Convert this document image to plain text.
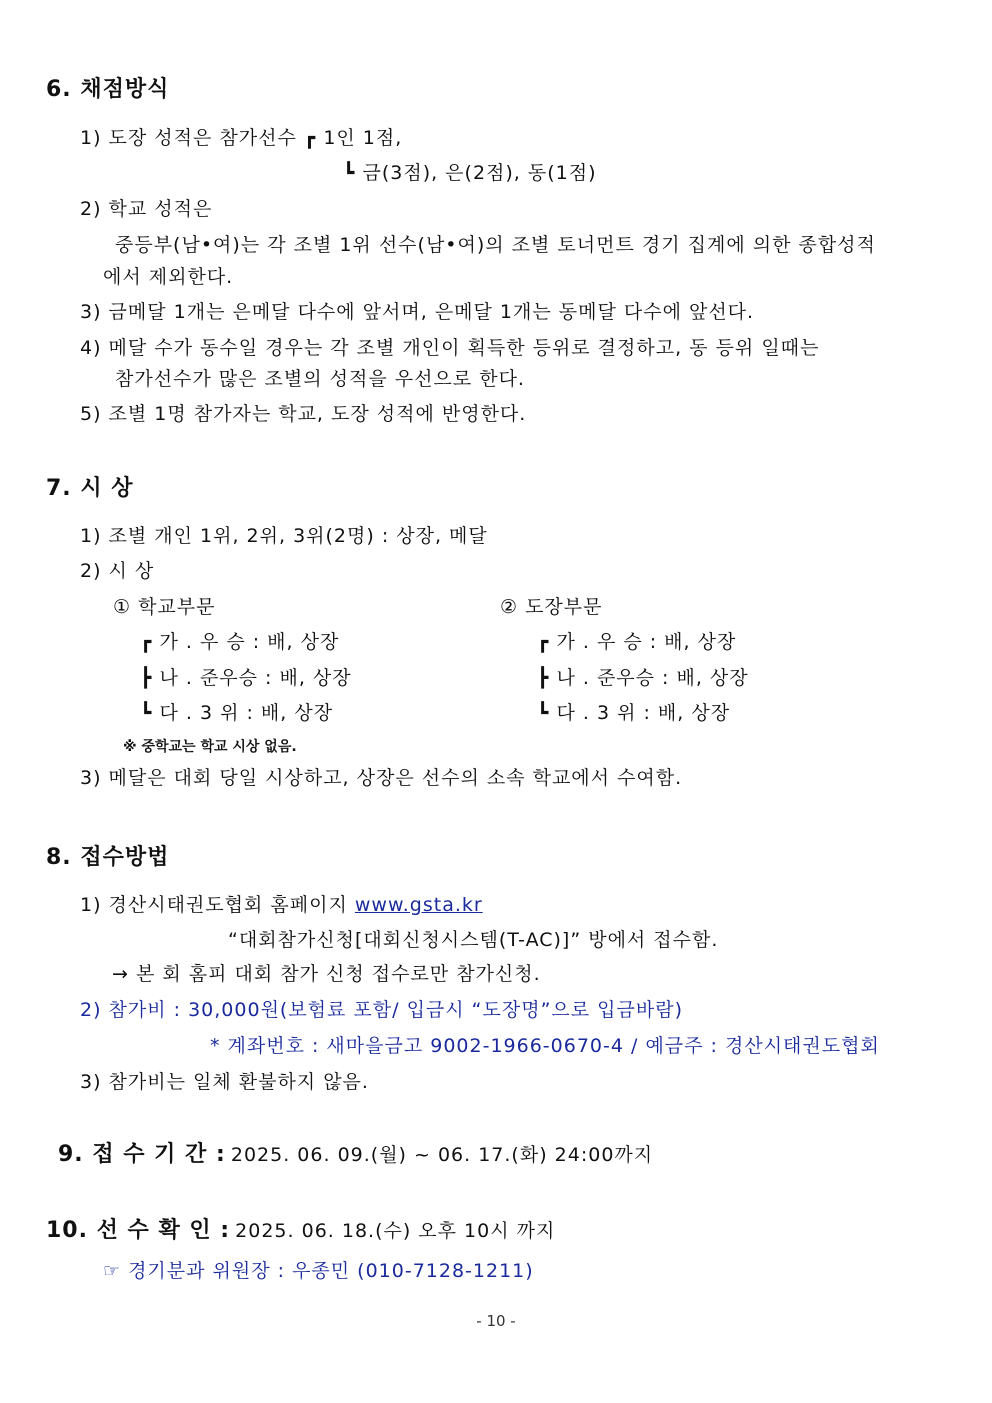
6. 채점방식
1) 도장 성적은 참가선수 ┏ 1인 1점,
┗ 금(3점), 은(2점), 동(1점)
2) 학교 성적은
중등부(남•여)는 각 조별 1위 선수(남•여)의 조별 토너먼트 경기 집계에 의한 종합성적
에서 제외한다.
3) 금메달 1개는 은메달 다수에 앞서며, 은메달 1개는 동메달 다수에 앞선다.
4) 메달 수가 동수일 경우는 각 조별 개인이 획득한 등위로 결정하고, 동 등위 일때는
참가선수가 많은 조별의 성적을 우선으로 한다.
5) 조별 1명 참가자는 학교, 도장 성적에 반영한다.
7. 시 상
1) 조별 개인 1위, 2위, 3위(2명) : 상장, 메달
2) 시 상
① 학교부문	② 도장부문
┏ 가 . 우 승 : 배, 상장	┏ 가 . 우 승 : 배, 상장
┣ 나 . 준우승 : 배, 상장	┣ 나 . 준우승 : 배, 상장
┗ 다 . 3 위 : 배, 상장	┗ 다 . 3 위 : 배, 상장
※ 중학교는 학교 시상 없음.
3) 메달은 대회 당일 시상하고, 상장은 선수의 소속 학교에서 수여함.
8. 접수방법
1) 경산시태권도협회 홈페이지 www.gsta.kr
“대회참가신청[대회신청시스템(T-AC)]” 방에서 접수함.
→ 본 회 홈피 대회 참가 신청 접수로만 참가신청.
2) 참가비 : 30,000원(보험료 포함/ 입금시 “도장명”으로 입금바람)
* 계좌번호 : 새마을금고 9002-1966-0670-4 / 예금주 : 경산시태권도협회
3) 참가비는 일체 환불하지 않음.
9. 접 수 기 간 : 2025. 06. 09.(월) ~ 06. 17.(화) 24:00까지
10. 선 수 확 인 : 2025. 06. 18.(수) 오후 10시 까지
☞ 경기분과 위원장 : 우종민 (010-7128-1211)
- 10 -
